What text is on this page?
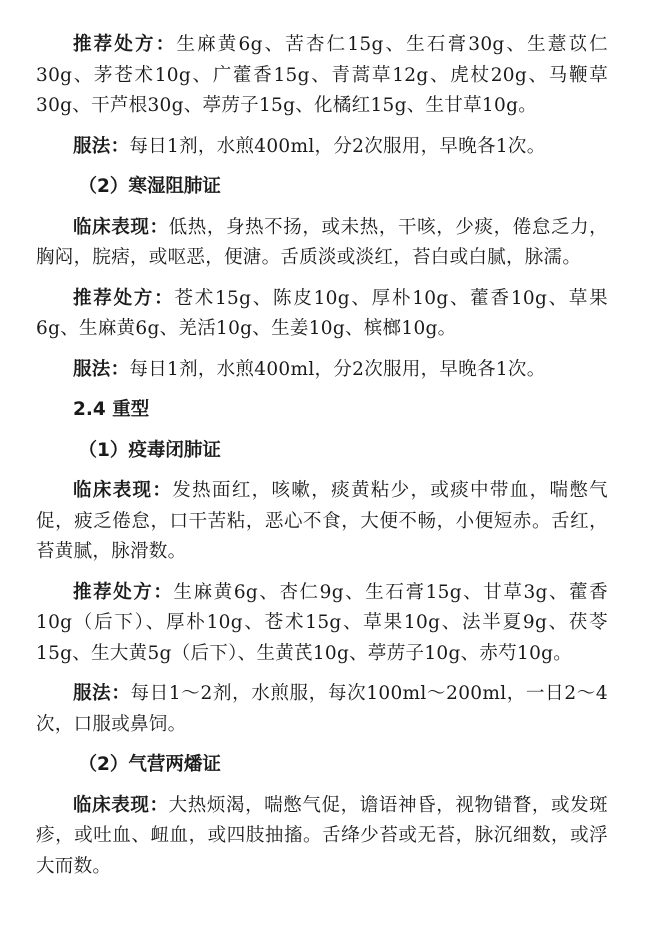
推荐处方：生麻黄6g、苦杏仁15g、生石膏30g、生薏苡仁30g、茅苍术10g、广藿香15g、青蒿草12g、虎杖20g、马鞭草30g、干芦根30g、葶苈子15g、化橘红15g、生甘草10g。

服法：每日1剂，水煎400ml，分2次服用，早晚各1次。

（2）寒湿阻肺证

临床表现：低热，身热不扬，或未热，干咳，少痰，倦怠乏力，胸闷，脘痞，或呕恶，便溏。舌质淡或淡红，苔白或白腻，脉濡。

推荐处方：苍术15g、陈皮10g、厚朴10g、藿香10g、草果6g、生麻黄6g、羌活10g、生姜10g、槟榔10g。

服法：每日1剂，水煎400ml，分2次服用，早晚各1次。

2.4 重型
（1）疫毒闭肺证

临床表现：发热面红，咳嗽，痰黄粘少，或痰中带血，喘憋气促，疲乏倦怠，口干苦粘，恶心不食，大便不畅，小便短赤。舌红，苔黄腻，脉滑数。

推荐处方：生麻黄6g、杏仁9g、生石膏15g、甘草3g、藿香10g（后下）、厚朴10g、苍术15g、草果10g、法半夏9g、茯苓15g、生大黄5g（后下）、生黄芪10g、葶苈子10g、赤芍10g。

服法：每日1～2剂，水煎服，每次100ml～200ml，一日2～4次，口服或鼻饲。

（2）气营两燔证

临床表现：大热烦渴，喘憋气促，谵语神昏，视物错瞀，或发斑疹，或吐血、衄血，或四肢抽搐。舌绛少苔或无苔，脉沉细数，或浮大而数。
